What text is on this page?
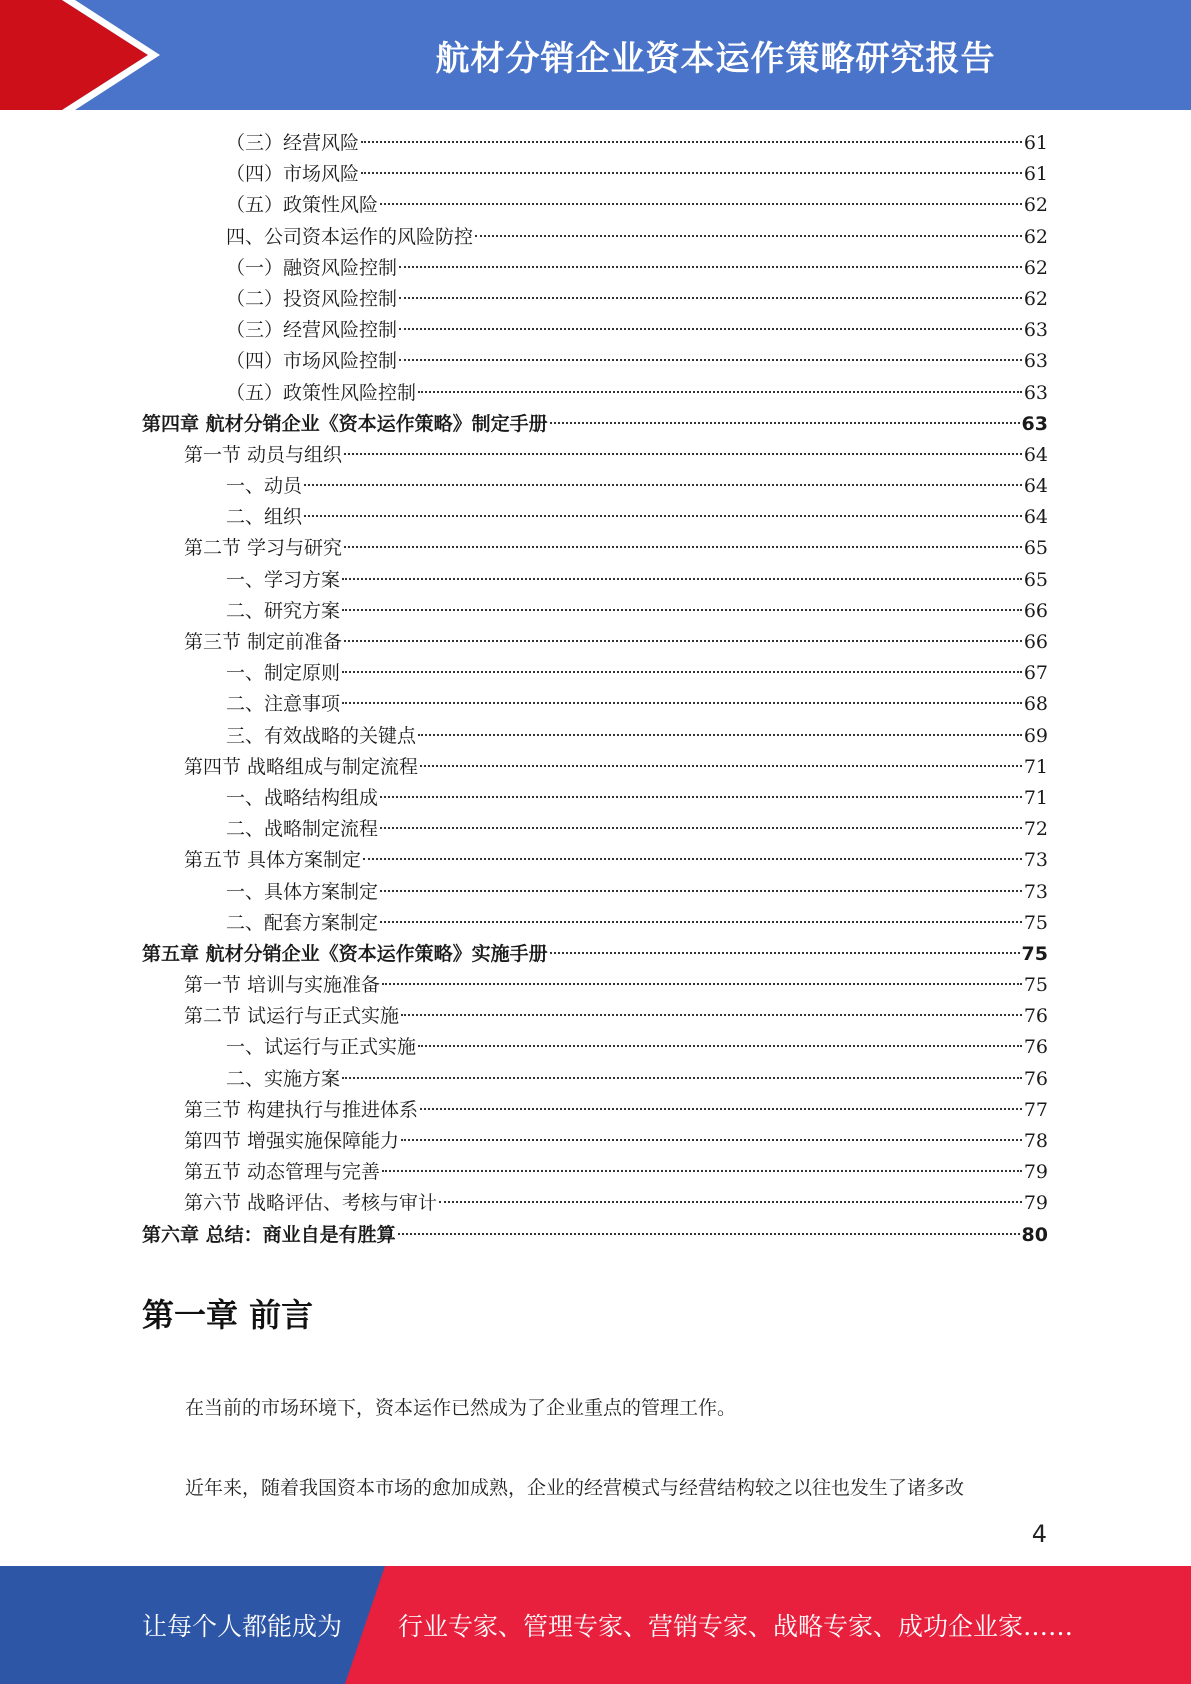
航材分销企业资本运作策略研究报告
（三）经营风险	61
（四）市场风险	61
（五）政策性风险	62
四、公司资本运作的风险防控	62
（一）融资风险控制	62
（二）投资风险控制	62
（三）经营风险控制	63
（四）市场风险控制	63
（五）政策性风险控制	63
第四章 航材分销企业《资本运作策略》制定手册	63
第一节 动员与组织	64
一、动员	64
二、组织	64
第二节 学习与研究	65
一、学习方案	65
二、研究方案	66
第三节 制定前准备	66
一、制定原则	67
二、注意事项	68
三、有效战略的关键点	69
第四节 战略组成与制定流程	71
一、战略结构组成	71
二、战略制定流程	72
第五节 具体方案制定	73
一、具体方案制定	73
二、配套方案制定	75
第五章 航材分销企业《资本运作策略》实施手册	75
第一节 培训与实施准备	75
第二节 试运行与正式实施	76
一、试运行与正式实施	76
二、实施方案	76
第三节 构建执行与推进体系	77
第四节 增强实施保障能力	78
第五节 动态管理与完善	79
第六节 战略评估、考核与审计	79
第六章 总结：商业自是有胜算	80
第一章 前言
在当前的市场环境下，资本运作已然成为了企业重点的管理工作。
近年来，随着我国资本市场的愈加成熟，企业的经营模式与经营结构较之以往也发生了诸多改
4
让每个人都能成为 行业专家、管理专家、营销专家、战略专家、成功企业家……
